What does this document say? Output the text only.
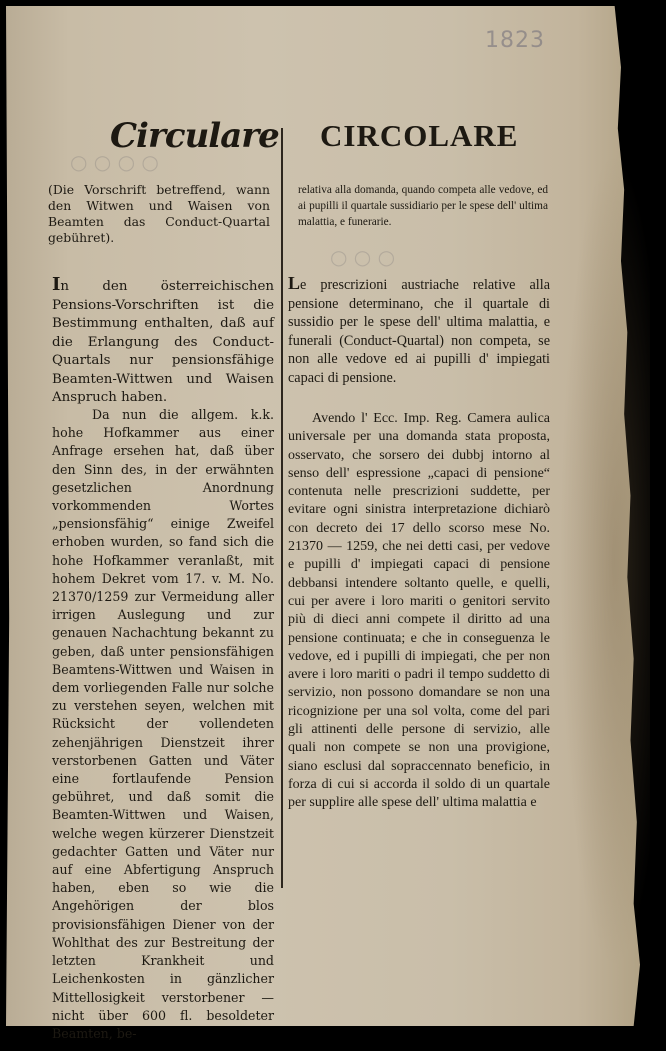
○ ○ ○ ○
○ ○ ○
1823
Circulare CIRCOLARE
(Die Vorschrift betreffend, wann den Witwen und Waisen von Beamten das Conduct-Quartal gebühret).
relativa alla domanda, quando competa alle vedove, ed ai pupilli il quartale sussidiario per le spese dell' ultima malattia, e funerarie.
In den österreichischen Pensions-Vorschriften ist die Bestimmung enthalten, daß auf die Erlangung des Conduct-Quartals nur pensionsfähige Beamten-Wittwen und Waisen Anspruch haben.
Le prescrizioni austriache relative alla pensione determinano, che il quartale di sussidio per le spese dell' ultima malattia, e funerali (Conduct-Quartal) non competa, se non alle vedove ed ai pupilli d' impiegati capaci di pensione.
Da nun die allgem. k.k. hohe Hofkammer aus einer Anfrage ersehen hat, daß über den Sinn des, in der erwähnten gesetzlichen Anordnung vorkommenden Wortes „pensionsfähig“ einige Zweifel erhoben wurden, so fand sich die hohe Hofkammer veranlaßt, mit hohem Dekret vom 17. v. M. No. 21370/1259 zur Vermeidung aller irrigen Auslegung und zur genauen Nachachtung bekannt zu geben, daß unter pensionsfähigen Beamtens-Wittwen und Waisen in dem vorliegenden Falle nur solche zu verstehen seyen, welchen mit Rücksicht der vollendeten zehenjährigen Dienstzeit ihrer verstorbenen Gatten und Väter eine fortlaufende Pension gebühret, und daß somit die Beamten-Wittwen und Waisen, welche wegen kürzerer Dienstzeit gedachter Gatten und Väter nur auf eine Abfertigung Anspruch haben, eben so wie die Angehörigen der blos provisionsfähigen Diener von der Wohlthat des zur Bestreitung der letzten Krankheit und Leichenkosten in gänzlicher Mittellosigkeit verstorbener — nicht über 600 fl. besoldeter Beamten, be-
Avendo l' Ecc. Imp. Reg. Camera aulica universale per una domanda stata proposta, osservato, che sorsero dei dubbj intorno al senso dell' espressione „capaci di pensione“ contenuta nelle prescrizioni suddette, per evitare ogni sinistra interpretazione dichiarò con decreto dei 17 dello scorso mese No. 21370 — 1259, che nei detti casi, per vedove e pupilli d' impiegati capaci di pensione debbansi intendere soltanto quelle, e quelli, cui per avere i loro mariti o genitori servito più di dieci anni compete il diritto ad una pensione continuata; e che in conseguenza le vedove, ed i pupilli di impiegati, che per non avere i loro mariti o padri il tempo suddetto di servizio, non possono domandare se non una ricognizione per una sol volta, come del pari gli attinenti delle persone di servizio, alle quali non compete se non una provigione, siano esclusi dal sopraccennato beneficio, in forza di cui si accorda il soldo di un quartale per supplire alle spese dell' ultima malattia e
